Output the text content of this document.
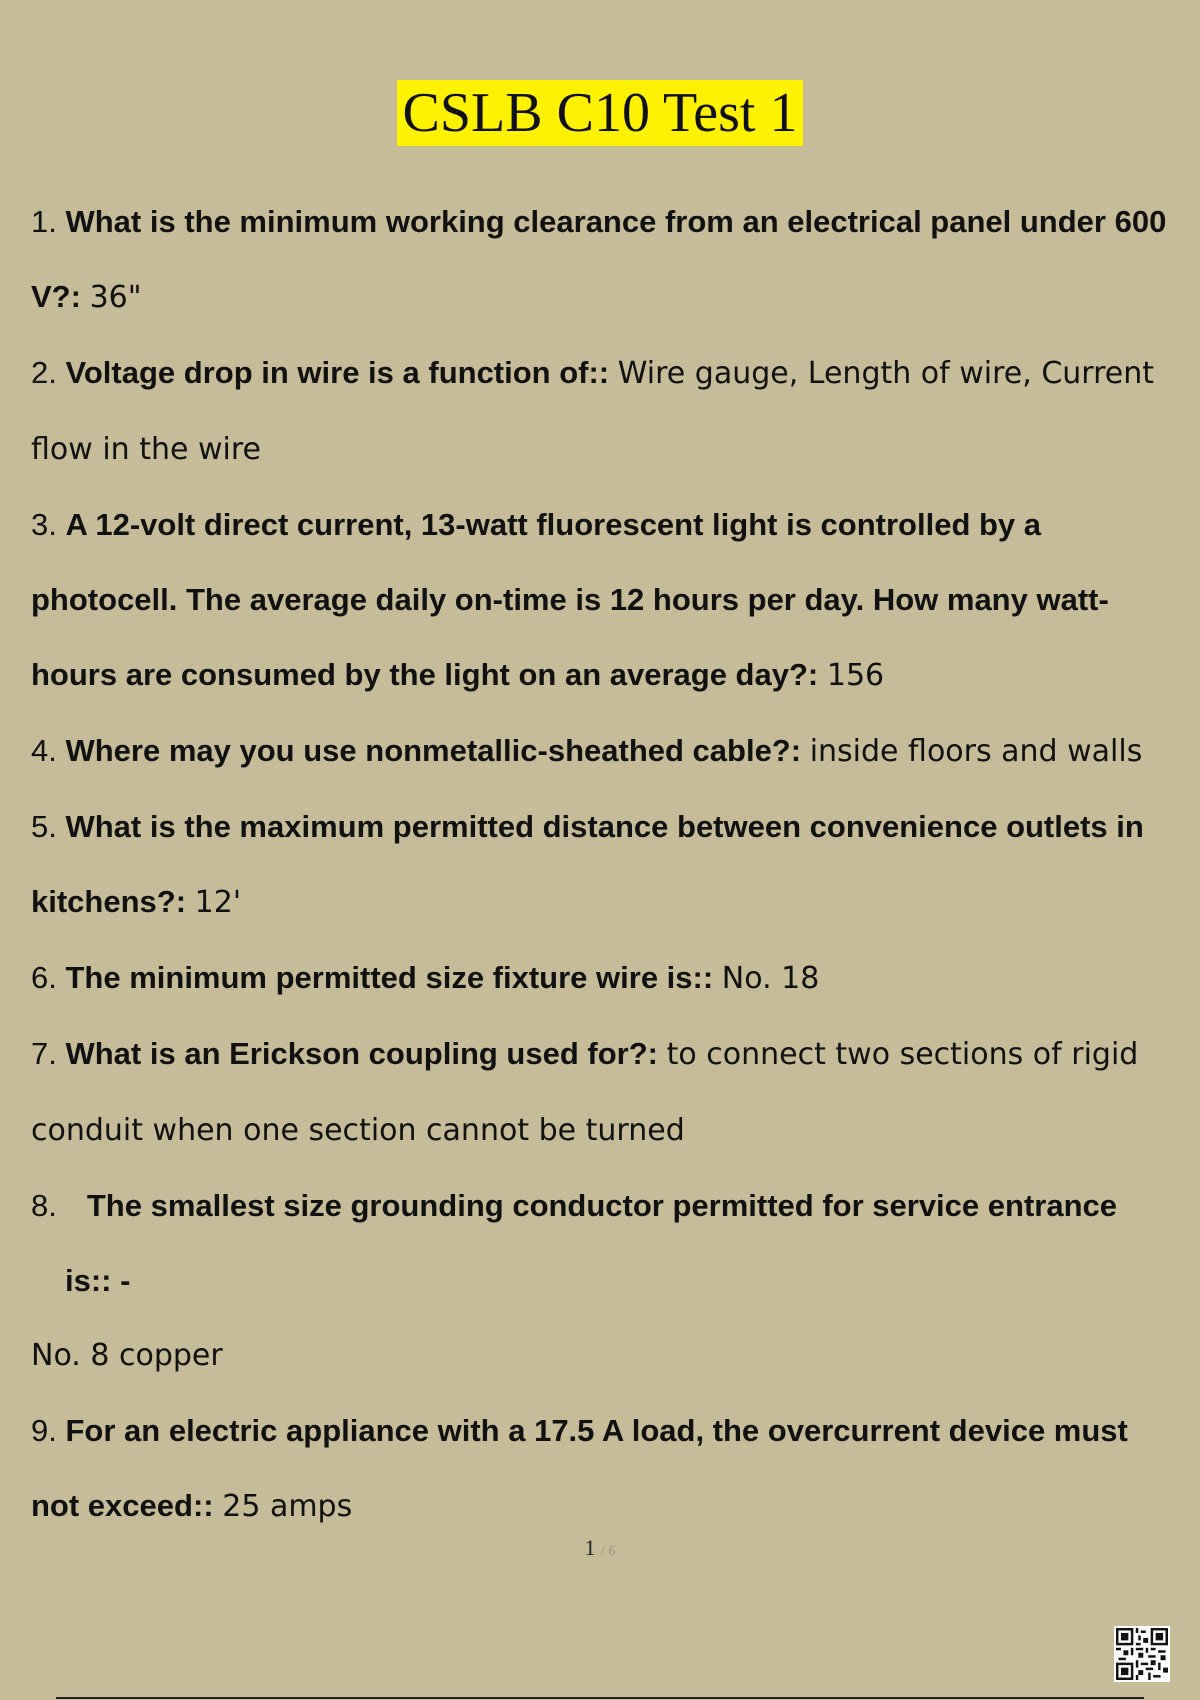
CSLB C10 Test 1

1. What is the minimum working clearance from an electrical panel under 600 V?: 36"

2. Voltage drop in wire is a function of:: Wire gauge, Length of wire, Current flow in the wire

3. A 12-volt direct current, 13-watt fluorescent light is controlled by a photocell. The average daily on-time is 12 hours per day. How many watt- hours are consumed by the light on an average day?: 156

4. Where may you use nonmetallic-sheathed cable?: inside floors and walls

5. What is the maximum permitted distance between convenience outlets in kitchens?: 12'

6. The minimum permitted size fixture wire is:: No. 18

7. What is an Erickson coupling used for?: to connect two sections of rigid conduit when one section cannot be turned

8. The smallest size grounding conductor permitted for service entrance
is:: -
No. 8 copper

9. For an electric appliance with a 17.5 A load, the overcurrent device must not exceed:: 25 amps

1 / 6
